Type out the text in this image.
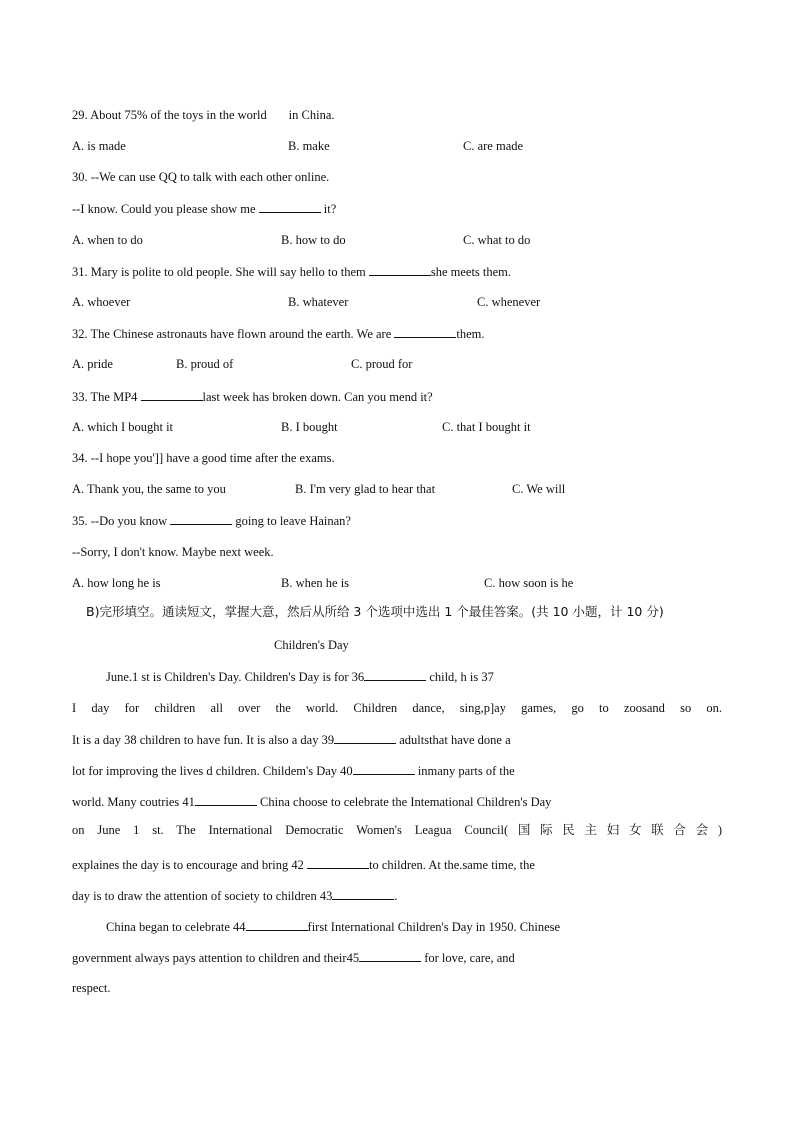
29. About 75% of the toys in the world in China.
A. is made	B. make	C. are made
30. --We can use QQ to talk with each other online.
--I know. Could you please show me	it?
A. when to do	B. how to do	C. what to do
31. Mary is polite to old people. She will say hello to them	she meets them.
A. whoever	B. whatever	C. whenever
32. The Chinese astronauts have flown around the earth. We are	them.
A. pride	B. proud of	C. proud for
33. The MP4	last week has broken down. Can you mend it?
A. which I bought it	B. I bought	C. that I bought it
34. --I hope you']] have a good time after the exams.
A. Thank you, the same to you	B. I'm very glad to hear that	C. We will
35. --Do you know	going to leave Hainan?
--Sorry, I don't know. Maybe next week.
A. how long he is	B. when he is	C. how soon is he
B)完形填空。通读短文，掌握大意，然后从所给 3 个选项中选出 1 个最佳答案。(共 10 小题，计 10 分)
Children's Day
June.1 st is Children's Day. Children's Day is for 36	child, h is 37
I day for children all over the world. Children dance, sing,p]ay games, go to zoosand so on.
It is a day 38 children to have fun. It is also a day 39	adultsthat have done a
lot for improving the lives d children. Childem's Day 40	inmany parts of the
world. Many coutries 41	China choose to celebrate the Intemational Children's Day
on June 1 st. The International Democratic Women's Leagua Council(国际民主妇女联合会)
explaines the day is to encourage and bring 42	to children. At the.same time, the
day is to draw the attention of society to children 43	.
China began to celebrate 44	first International Children's Day in 1950. Chinese
government always pays attention to children and their45	for love, care, and
respect.
